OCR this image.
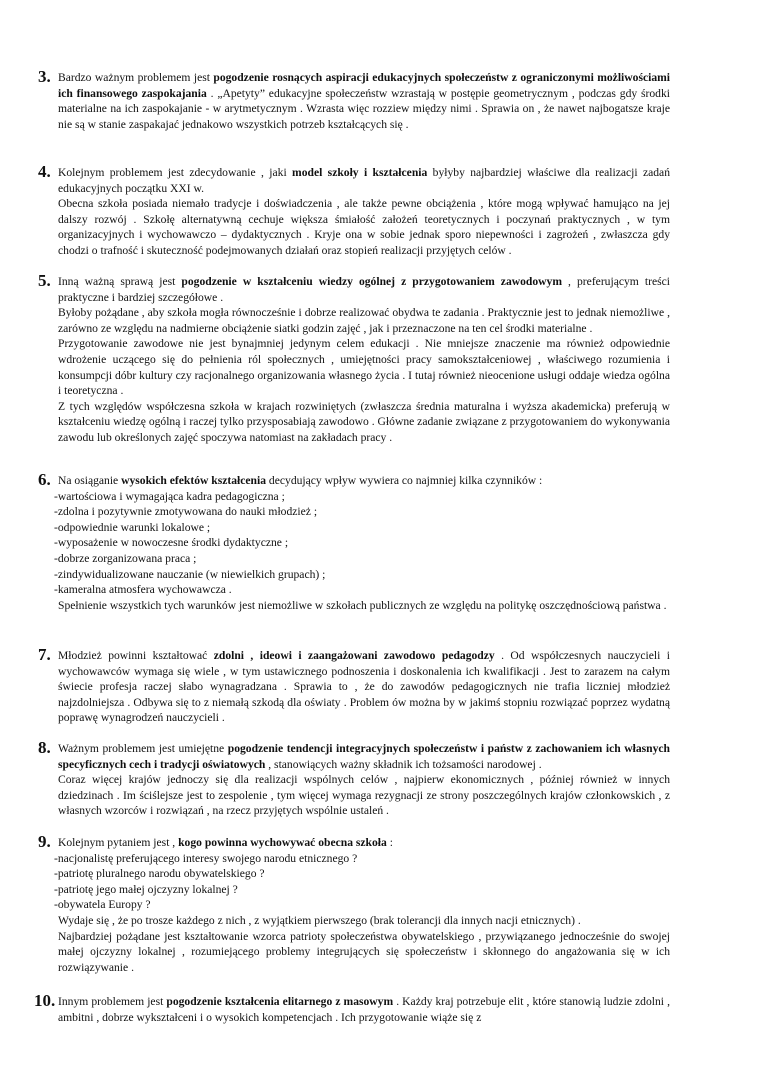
3. Bardzo ważnym problemem jest pogodzenie rosnących aspiracji edukacyjnych społeczeństw z ograniczonymi możliwościami ich finansowego zaspokajania . „Apetyty” edukacyjne społeczeństw wzrastają w postępie geometrycznym , podczas gdy środki materialne na ich zaspokajanie - w arytmetycznym . Wzrasta więc rozziew między nimi . Sprawia on , że nawet najbogatsze kraje nie są w stanie zaspakajać jednakowo wszystkich potrzeb kształcących się .

4. Kolejnym problemem jest zdecydowanie , jaki model szkoły i kształcenia byłyby najbardziej właściwe dla realizacji zadań edukacyjnych początku XXI w.

Obecna szkoła posiada niemało tradycje i doświadczenia , ale także pewne obciążenia , które mogą wpływać hamująco na jej dalszy rozwój . Szkołę alternatywną cechuje większa śmiałość założeń teoretycznych i poczynań praktycznych , w tym organizacyjnych i wychowawczo – dydaktycznych . Kryje ona w sobie jednak sporo niepewności i zagrożeń , zwłaszcza gdy chodzi o trafność i skuteczność podejmowanych działań oraz stopień realizacji przyjętych celów .

5. Inną ważną sprawą jest pogodzenie w kształceniu wiedzy ogólnej z przygotowaniem zawodowym , preferującym treści praktyczne i bardziej szczegółowe .

Byłoby pożądane , aby szkoła mogła równocześnie i dobrze realizować obydwa te zadania . Praktycznie jest to jednak niemożliwe , zarówno ze względu na nadmierne obciążenie siatki godzin zajęć , jak i przeznaczone na ten cel środki materialne .

Przygotowanie zawodowe nie jest bynajmniej jedynym celem edukacji . Nie mniejsze znaczenie ma również odpowiednie wdrożenie uczącego się do pełnienia ról społecznych , umiejętności pracy samokształceniowej , właściwego rozumienia i konsumpcji dóbr kultury czy racjonalnego organizowania własnego życia . I tutaj również nieocenione usługi oddaje wiedza ogólna i teoretyczna .

Z tych względów współczesna szkoła w krajach rozwiniętych (zwłaszcza średnia maturalna i wyższa akademicka) preferują w kształceniu wiedzę ogólną i raczej tylko przysposabiają zawodowo . Główne zadanie związane z przygotowaniem do wykonywania zawodu lub określonych zajęć spoczywa natomiast na zakładach pracy .

6. Na osiąganie wysokich efektów kształcenia decydujący wpływ wywiera co najmniej kilka czynników :

-wartościowa i wymagająca kadra pedagogiczna ;

-zdolna i pozytywnie zmotywowana do nauki młodzież ;

-odpowiednie warunki lokalowe ;

-wyposażenie w nowoczesne środki dydaktyczne ;

-dobrze zorganizowana praca ;

-zindywidualizowane nauczanie (w niewielkich grupach) ;

-kameralna atmosfera wychowawcza .

Spełnienie wszystkich tych warunków jest niemożliwe w szkołach publicznych ze względu na politykę oszczędnościową państwa .

7. Młodzież powinni kształtować zdolni , ideowi i zaangażowani zawodowo pedagodzy . Od współczesnych nauczycieli i wychowawców wymaga się wiele , w tym ustawicznego podnoszenia i doskonalenia ich kwalifikacji . Jest to zarazem na całym świecie profesja raczej słabo wynagradzana . Sprawia to , że do zawodów pedagogicznych nie trafia liczniej młodzież najzdolniejsza . Odbywa się to z niemałą szkodą dla oświaty . Problem ów można by w jakimś stopniu rozwiązać poprzez wydatną poprawę wynagrodzeń nauczycieli .

8. Ważnym problemem jest umiejętne pogodzenie tendencji integracyjnych społeczeństw i państw z zachowaniem ich własnych specyficznych cech i tradycji oświatowych , stanowiących ważny składnik ich tożsamości narodowej .

Coraz więcej krajów jednoczy się dla realizacji wspólnych celów , najpierw ekonomicznych , później również w innych dziedzinach . Im ściślejsze jest to zespolenie , tym więcej wymaga rezygnacji ze strony poszczególnych krajów członkowskich , z własnych wzorców i rozwiązań , na rzecz przyjętych wspólnie ustaleń .

9. Kolejnym pytaniem jest , kogo powinna wychowywać obecna szkoła :

-nacjonalistę preferującego interesy swojego narodu etnicznego ?

-patriotę pluralnego narodu obywatelskiego ?

-patriotę jego małej ojczyzny lokalnej ?

-obywatela Europy ?

Wydaje się , że po trosze każdego z nich , z wyjątkiem pierwszego (brak tolerancji dla innych nacji etnicznych) .

Najbardziej pożądane jest kształtowanie wzorca patrioty społeczeństwa obywatelskiego , przywiązanego jednocześnie do swojej małej ojczyzny lokalnej , rozumiejącego problemy integrujących się społeczeństw i skłonnego do angażowania się w ich rozwiązywanie .

10. Innym problemem jest pogodzenie kształcenia elitarnego z masowym . Każdy kraj potrzebuje elit , które stanowią ludzie zdolni , ambitni , dobrze wykształceni i o wysokich kompetencjach . Ich przygotowanie wiąże się z
